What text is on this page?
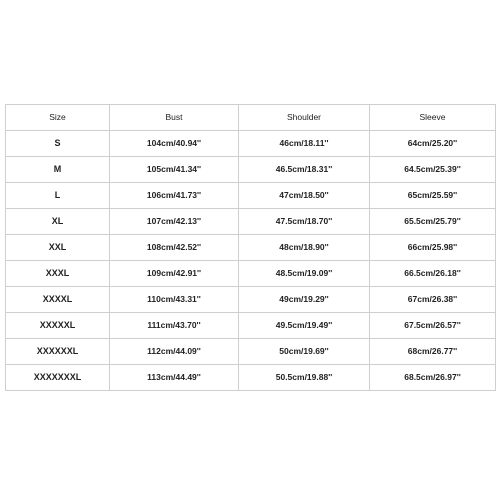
Size	Bust	Shoulder	Sleeve
S	104cm/40.94''	46cm/18.11''	64cm/25.20''
M	105cm/41.34''	46.5cm/18.31''	64.5cm/25.39''
L	106cm/41.73''	47cm/18.50''	65cm/25.59''
XL	107cm/42.13''	47.5cm/18.70''	65.5cm/25.79''
XXL	108cm/42.52''	48cm/18.90''	66cm/25.98''
XXXL	109cm/42.91''	48.5cm/19.09''	66.5cm/26.18''
XXXXL	110cm/43.31''	49cm/19.29''	67cm/26.38''
XXXXXL	111cm/43.70''	49.5cm/19.49''	67.5cm/26.57''
XXXXXXL	112cm/44.09''	50cm/19.69''	68cm/26.77''
XXXXXXXL	113cm/44.49''	50.5cm/19.88''	68.5cm/26.97''
